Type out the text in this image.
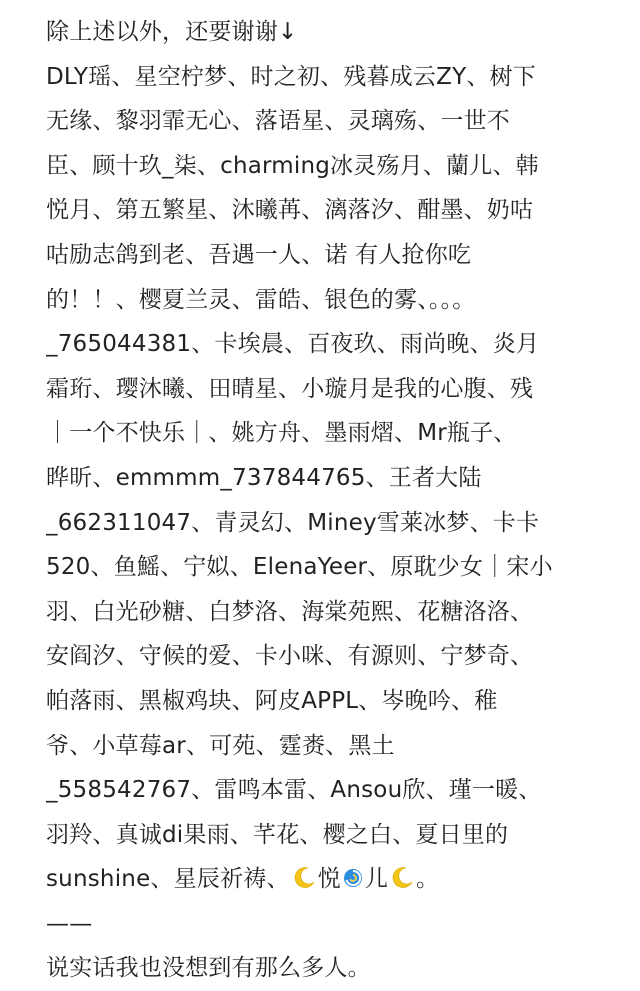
除上述以外，还要谢谢↓
DLY瑶、星空柠梦、时之初、残暮成云ZY、树下
无缘、黎羽霏无心、落语星、灵璃殇、一世不
臣、顾十玖_柒、charming冰灵殇月、蘭儿、韩
悦月、第五繁星、沐曦苒、漓落汐、酣墨、奶咕
咕励志鸽到老、吾遇一人、诺 有人抢你吃
的！！、樱夏兰灵、雷皓、银色的雾、。。。
_765044381、卡埃晨、百夜玖、雨尚晚、炎月
霜珩、璎沐曦、田晴星、小璇月是我的心腹、残
｜一个不快乐｜、姚方舟、墨雨熠、Mr瓶子、
晔昕、emmmm_737844765、王者大陆
_662311047、青灵幻、Miney雪莱冰梦、卡卡
520、鱼鰩、宁姒、ElenaYeer、原耽少女｜宋小
羽、白光砂糖、白梦洛、海棠苑熙、花糖洛洛、
安阎汐、守候的爱、卡小咪、有源则、宁梦奇、
帕落雨、黑椒鸡块、阿皮APPL、岑晚吟、稚
爷、小草莓ar、可苑、霆赉、黑土
_558542767、雷鸣本雷、Ansou欣、瑾一暖、
羽羚、真诚di果雨、芊花、樱之白、夏日里的
sunshine、星辰祈祷、 悦 儿 。
——
说实话我也没想到有那么多人。
